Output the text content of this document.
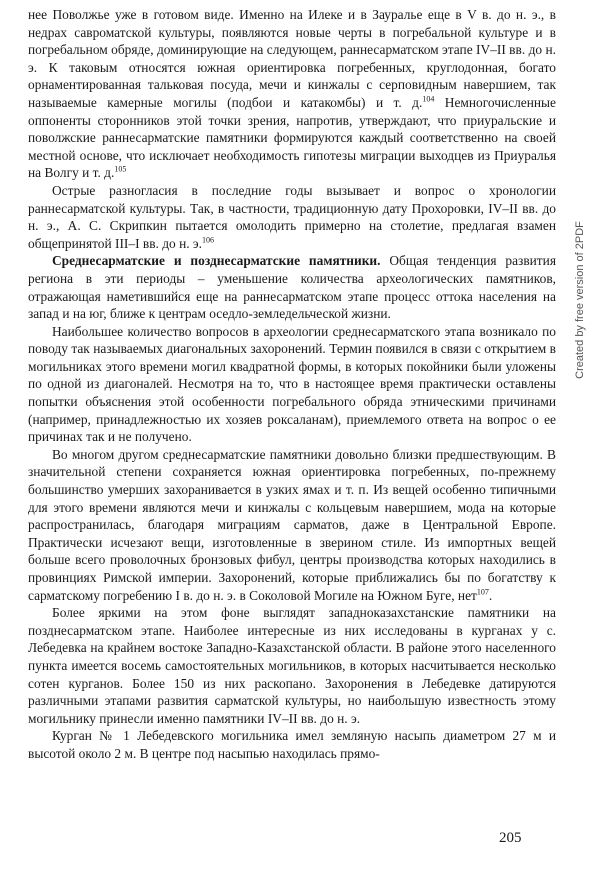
нее Поволжье уже в готовом виде. Именно на Илеке и в Зауралье еще в V в. до н. э., в недрах савроматской культуры, появляются новые черты в погребальной культуре и в погребальном обряде, доминирующие на следующем, раннесарматском этапе IV–II вв. до н. э. К таковым относятся южная ориентировка погребенных, круглодонная, богато орнаментированная тальковая посуда, мечи и кинжалы с серповидным навершием, так называемые камерные могилы (подбои и катакомбы) и т. д.$^{104}$ Немногочисленные оппоненты сторонников этой точки зрения, напротив, утверждают, что приуральские и поволжские раннесарматские памятники формируются каждый соответственно на своей местной основе, что исключает необходимость гипотезы миграции выходцев из Приуралья на Волгу и т. д.$^{105}$

Острые разногласия в последние годы вызывает и вопрос о хронологии раннесарматской культуры. Так, в частности, традиционную дату Прохоровки, IV–II вв. до н. э., А. С. Скрипкин пытается омолодить примерно на столетие, предлагая взамен общепринятой III–I вв. до н. э.$^{106}$

Среднесарматские и позднесарматские памятники. Общая тенденция развития региона в эти периоды – уменьшение количества археологических памятников, отражающая наметившийся еще на раннесарматском этапе процесс оттока населения на запад и на юг, ближе к центрам оседло-земледельческой жизни.

Наибольшее количество вопросов в археологии среднесарматского этапа возникало по поводу так называемых диагональных захоронений. Термин появился в связи с открытием в могильниках этого времени могил квадратной формы, в которых покойники были уложены по одной из диагоналей. Несмотря на то, что в настоящее время практически оставлены попытки объяснения этой особенности погребального обряда этническими причинами (например, принадлежностью их хозяев роксаланам), приемлемого ответа на вопрос о ее причинах так и не получено.

Во многом другом среднесарматские памятники довольно близки предшествующим. В значительной степени сохраняется южная ориентировка погребенных, по-прежнему большинство умерших захоранивается в узких ямах и т. п. Из вещей особенно типичными для этого времени являются мечи и кинжалы с кольцевым навершием, мода на которые распространилась, благодаря миграциям сарматов, даже в Центральной Европе. Практически исчезают вещи, изготовленные в зверином стиле. Из импортных вещей больше всего проволочных бронзовых фибул, центры производства которых находились в провинциях Римской империи. Захоронений, которые приближались бы по богатству к сарматскому погребению I в. до н. э. в Соколовой Могиле на Южном Буге, нет$^{107}$.

Более яркими на этом фоне выглядят западноказахстанские памятники на позднесарматском этапе. Наиболее интересные из них исследованы в курганах у с. Лебедевка на крайнем востоке Западно-Казахстанской области. В районе этого населенного пункта имеется восемь самостоятельных могильников, в которых насчитывается несколько сотен курганов. Более 150 из них раскопано. Захоронения в Лебедевке датируются различными этапами развития сарматской культуры, но наибольшую известность этому могильнику принесли именно памятники IV–II вв. до н. э.

Курган № 1 Лебедевского могильника имел земляную насыпь диаметром 27 м и высотой около 2 м. В центре под насыпью находилась прямо-

205
Created by free version of 2PDF
